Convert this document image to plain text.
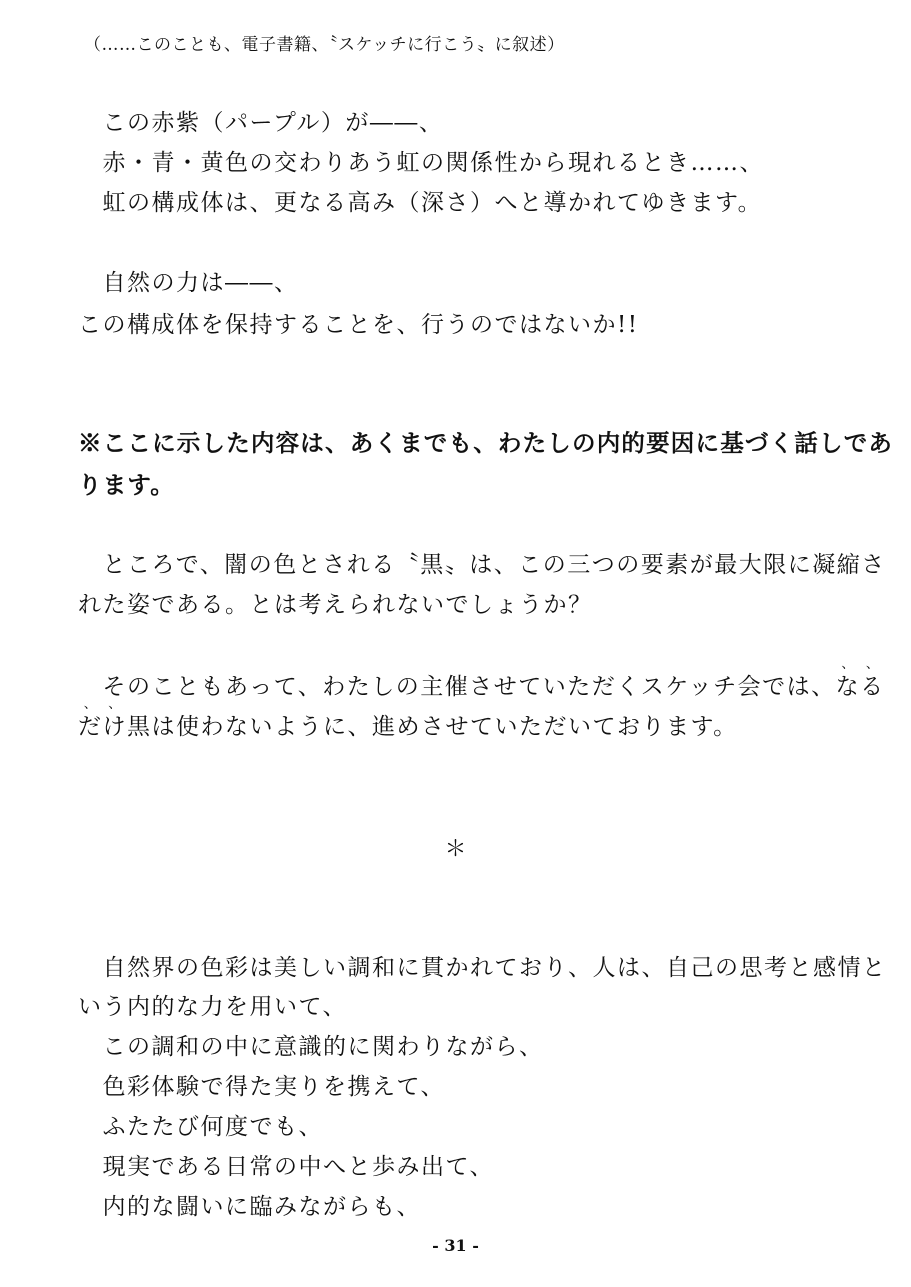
（……このことも、電子書籍、〝スケッチに行こう〟に叙述）
　この赤紫（パープル）が――、
　赤・青・黄色の交わりあう虹の関係性から現れるとき……、
　虹の構成体は、更なる高み（深さ）へと導かれてゆきます。
　自然の力は――、
この構成体を保持することを、行うのではないか!!
※ここに示した内容は、あくまでも、わたしの内的要因に基づく話しであ
ります。
　ところで、闇の色とされる〝黒〟は、この三つの要素が最大限に凝縮さ
れた姿である。とは考えられないでしょうか？
　そのこともあって、わたしの主催させていただくスケッチ会では、
、
な
、
る
、
だ
、
け黒は使わないように、進めさせていただいております。
＊
　自然界の色彩は美しい調和に貫かれており、人は、自己の思考と感情と
いう内的な力を用いて、
　この調和の中に意識的に関わりながら、
　色彩体験で得た実りを携えて、
　ふたたび何度でも、
　現実である日常の中へと歩み出て、
　内的な闘いに臨みながらも、
- 31 -
